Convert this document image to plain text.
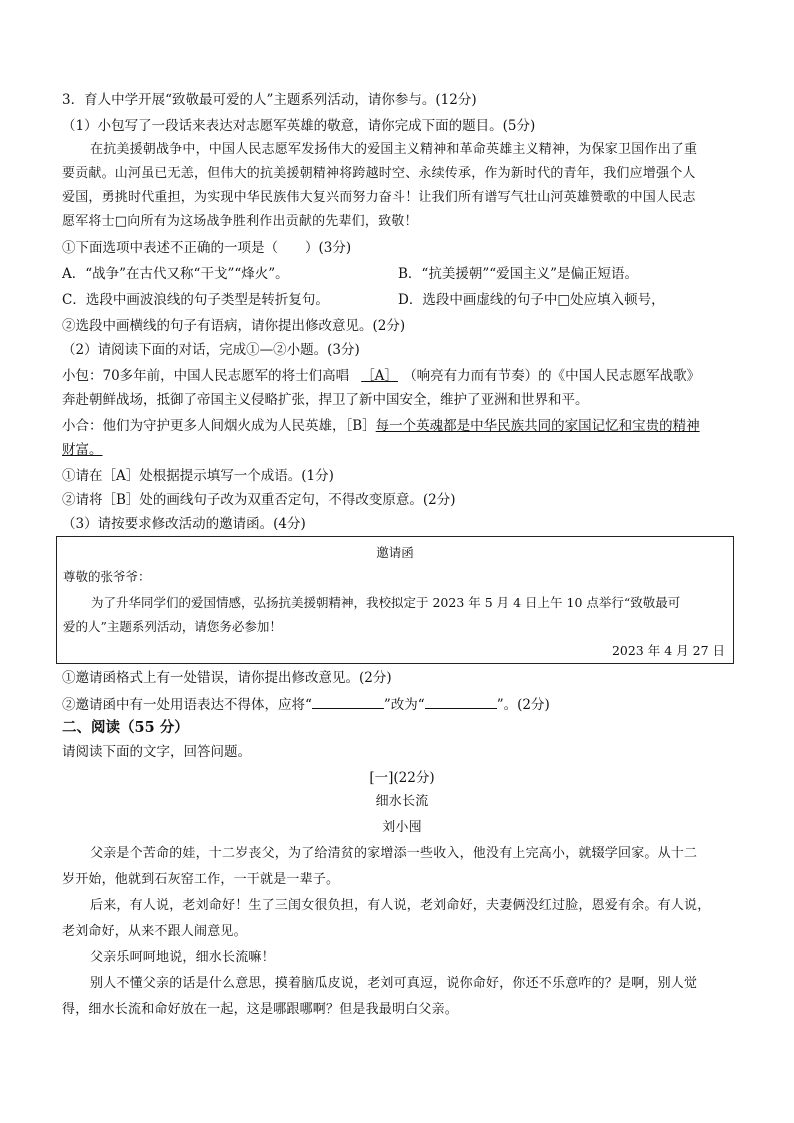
3．育人中学开展“致敬最可爱的人”主题系列活动，请你参与。(12分)
（1）小包写了一段话来表达对志愿军英雄的敬意，请你完成下面的题目。(5分)
在抗美援朝战争中，中国人民志愿军发扬伟大的爱国主义精神和革命英雄主义精神，为保家卫国作出了重
要贡献。山河虽已无恙，但伟大的抗美援朝精神将跨越时空、永续传承，作为新时代的青年，我们应增强个人
爱国，勇挑时代重担，为实现中华民族伟大复兴而努力奋斗！让我们所有谱写气壮山河英雄赞歌的中国人民志
愿军将士□向所有为这场战争胜利作出贡献的先辈们，致敬！
①下面选项中表述不正确的一项是（　　）(3分)
A．“战争”在古代又称“干戈”“烽火”。	B．“抗美援朝”“爱国主义”是偏正短语。
C．选段中画波浪线的句子类型是转折复句。	D．选段中画虚线的句子中□处应填入顿号，
②选段中画横线的句子有语病，请你提出修改意见。(2分)
（2）请阅读下面的对话，完成①—②小题。(3分)
小包：70多年前，中国人民志愿军的将士们高唱 ［A］ （响亮有力而有节奏）的《中国人民志愿军战歌》
奔赴朝鲜战场，抵御了帝国主义侵略扩张，捍卫了新中国安全，维护了亚洲和世界和平。
小合：他们为守护更多人间烟火成为人民英雄，［B］每一个英魂都是中华民族共同的家国记忆和宝贵的精神
财富。
①请在［A］处根据提示填写一个成语。(1分)
②请将［B］处的画线句子改为双重否定句，不得改变原意。(2分)
（3）请按要求修改活动的邀请函。(4分)
邀请函
尊敬的张爷爷：
为了升华同学们的爱国情感，弘扬抗美援朝精神，我校拟定于 2023 年 5 月 4 日上午 10 点举行“致敬最可
爱的人”主题系列活动，请您务必参加！
2023 年 4 月 27 日
①邀请函格式上有一处错误，请你提出修改意见。(2分)
②邀请函中有一处用语表达不得体，应将“	”改为“	”。(2分)
二、阅读（55 分）
请阅读下面的文字，回答问题。
[一](22分)
细水长流
刘小囤
父亲是个苦命的娃，十二岁丧父，为了给清贫的家增添一些收入，他没有上完高小，就辍学回家。从十二
岁开始，他就到石灰窑工作，一干就是一辈子。
后来，有人说，老刘命好！生了三闺女很负担，有人说，老刘命好，夫妻俩没红过脸，恩爱有余。有人说，
老刘命好，从来不跟人闹意见。
父亲乐呵呵地说，细水长流嘛！
别人不懂父亲的话是什么意思，摸着脑瓜皮说，老刘可真逗，说你命好，你还不乐意咋的？是啊，别人觉
得，细水长流和命好放在一起，这是哪跟哪啊？但是我最明白父亲。
